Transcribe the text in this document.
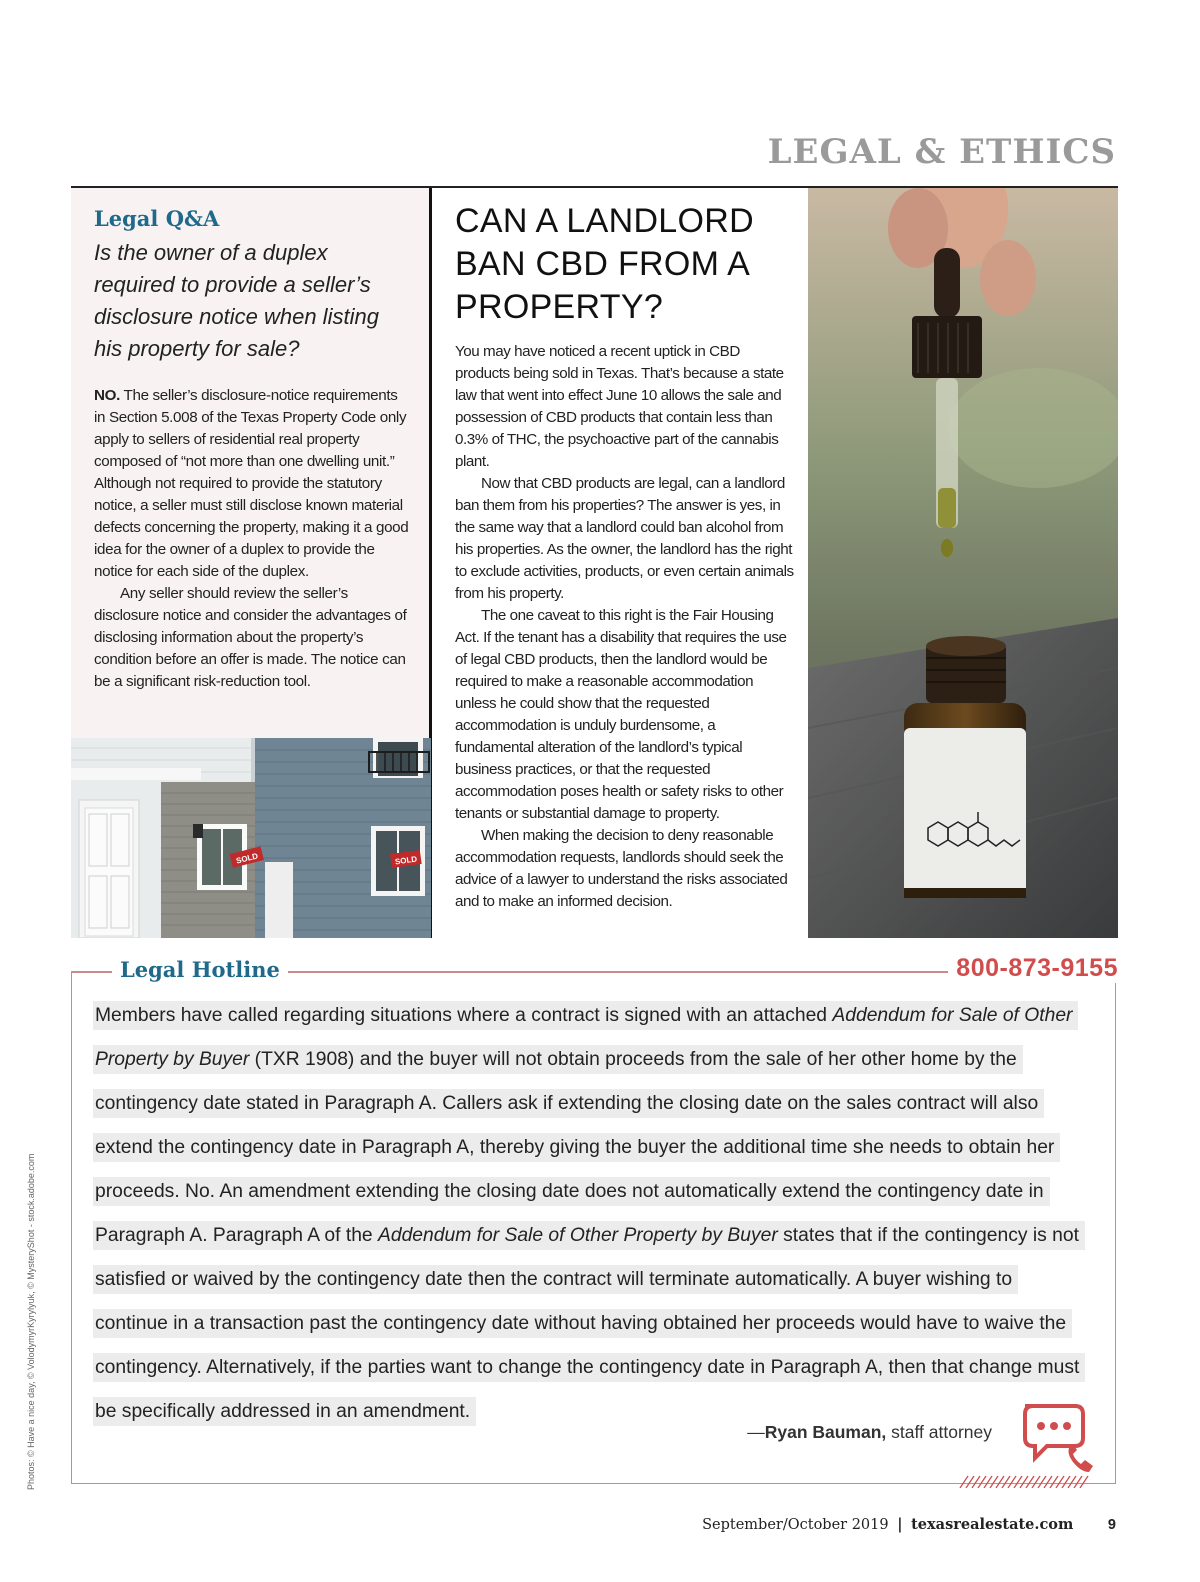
LEGAL & ETHICS
Legal Q&A
Is the owner of a duplex required to provide a seller’s disclosure notice when listing his property for sale?

NO. The seller’s disclosure-notice requirements in Section 5.008 of the Texas Property Code only apply to sellers of residential real property composed of “not more than one dwelling unit.” Although not required to provide the statutory notice, a seller must still disclose known material defects concerning the property, making it a good idea for the owner of a duplex to provide the notice for each side of the duplex.

Any seller should review the seller’s disclosure notice and consider the advantages of disclosing information about the property’s condition before an offer is made. The notice can be a significant risk-reduction tool.

SOLD	SOLD
CAN A LANDLORD BAN CBD FROM A PROPERTY?

You may have noticed a recent uptick in CBD products being sold in Texas. That’s because a state law that went into effect June 10 allows the sale and possession of CBD products that contain less than 0.3% of THC, the psychoactive part of the cannabis plant.

Now that CBD products are legal, can a landlord ban them from his properties? The answer is yes, in the same way that a landlord could ban alcohol from his properties. As the owner, the landlord has the right to exclude activities, products, or even certain animals from his property.

The one caveat to this right is the Fair Housing Act. If the tenant has a disability that requires the use of legal CBD products, then the landlord would be required to make a reasonable accommodation unless he could show that the requested accommodation is unduly burdensome, a fundamental alteration of the landlord’s typical business practices, or that the requested accommodation poses health or safety risks to other tenants or substantial damage to property.

When making the decision to deny reasonable accommodation requests, landlords should seek the advice of a lawyer to understand the risks associated and to make an informed decision.

Legal Hotline	800-873-9155
Members have called regarding situations where a contract is signed with an attached Addendum for Sale of Other Property by Buyer (TXR 1908) and the buyer will not obtain proceeds from the sale of her other home by the contingency date stated in Paragraph A. Callers ask if extending the closing date on the sales contract will also extend the contingency date in Paragraph A, thereby giving the buyer the additional time she needs to obtain her proceeds. No. An amendment extending the closing date does not automatically extend the contingency date in Paragraph A. Paragraph A of the Addendum for Sale of Other Property by Buyer states that if the contingency is not satisfied or waived by the contingency date then the contract will terminate automatically. A buyer wishing to continue in a transaction past the contingency date without having obtained her proceeds would have to waive the contingency. Alternatively, if the parties want to change the contingency date in Paragraph A, then that change must be specifically addressed in an amendment.
—Ryan Bauman, staff attorney
Photos: © Have a nice day, © VolodymyrKyrylyuk, © MysteryShot - stock.adobe.com
September/October 2019 | texasrealestate.com 9
